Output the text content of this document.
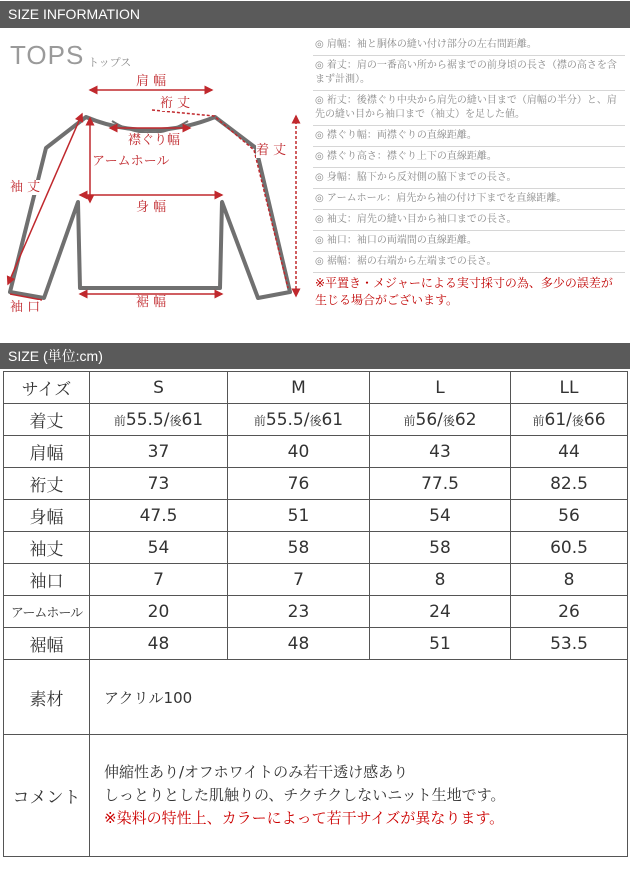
SIZE INFORMATION
TOPS トップス
肩 幅
裄 丈
襟ぐり幅
アームホール
着 丈
袖 丈
身 幅
袖 口	裾 幅
◎ 肩幅：袖と胴体の縫い付け部分の左右間距離。
◎ 着丈：肩の一番高い所から裾までの前身頃の長さ（襟の高さを含まず計測）。
◎ 裄丈：後襟ぐり中央から肩先の縫い目まで（肩幅の半分）と、肩先の縫い目から袖口まで（袖丈）を足した値。
◎ 襟ぐり幅：両襟ぐりの直線距離。
◎ 襟ぐり高さ：襟ぐり上下の直線距離。
◎ 身幅：脇下から反対側の脇下までの長さ。
◎ アームホール：肩先から袖の付け下までを直線距離。
◎ 袖丈：肩先の縫い目から袖口までの長さ。
◎ 袖口：袖口の両端間の直線距離。
◎ 裾幅：裾の右端から左端までの長さ。
※平置き・メジャーによる実寸採寸の為、多少の誤差が生じる場合がございます。
SIZE (単位:cm)
サイズ	S	M	L	LL
着丈	前55.5/後61	前55.5/後61	前56/後62	前61/後66
肩幅	37	40	43	44
裄丈	73	76	77.5	82.5
身幅	47.5	51	54	56
袖丈	54	58	58	60.5
袖口	7	7	8	8
アームホール	20	23	24	26
裾幅	48	48	51	53.5
素材	アクリル100			
コメント	伸縮性あり/オフホワイトのみ若干透け感あり
しっとりとした肌触りの、チクチクしないニット生地です。
※染料の特性上、カラーによって若干サイズが異なります。			
